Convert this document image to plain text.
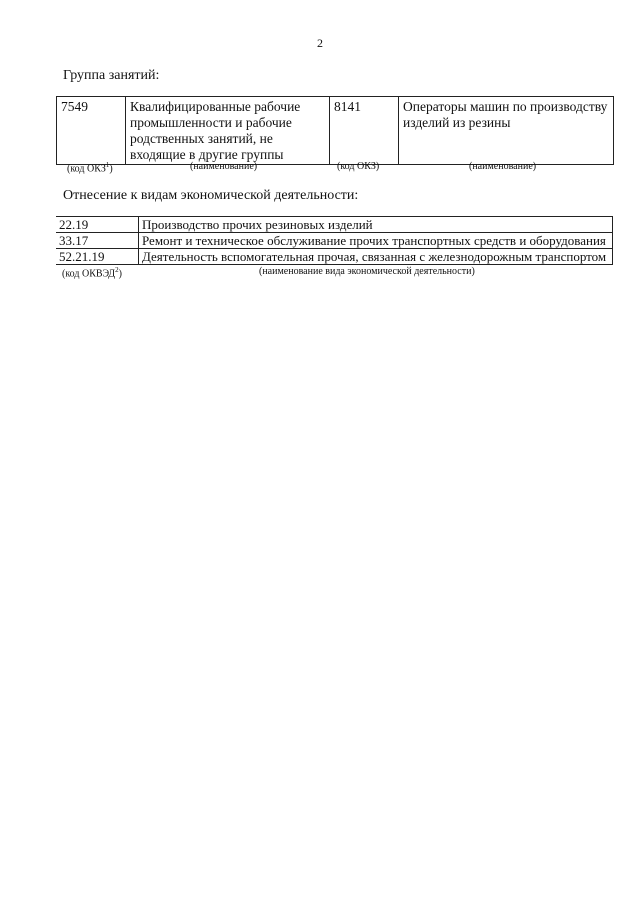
2
Группа занятий:
7549	Квалифицированные рабочие промышленности и рабочие родственных занятий, не входящие в другие группы	8141	Операторы машин по производству изделий из резины
(код ОКЗ$^1$)	(наименование)	(код ОКЗ)	(наименование)
Отнесение к видам экономической деятельности:
22.19	Производство прочих резиновых изделий
33.17	Ремонт и техническое обслуживание прочих транспортных средств и оборудования
52.21.19	Деятельность вспомогательная прочая, связанная с железнодорожным транспортом
(код ОКВЭД$^2$)	(наименование вида экономической деятельности)
